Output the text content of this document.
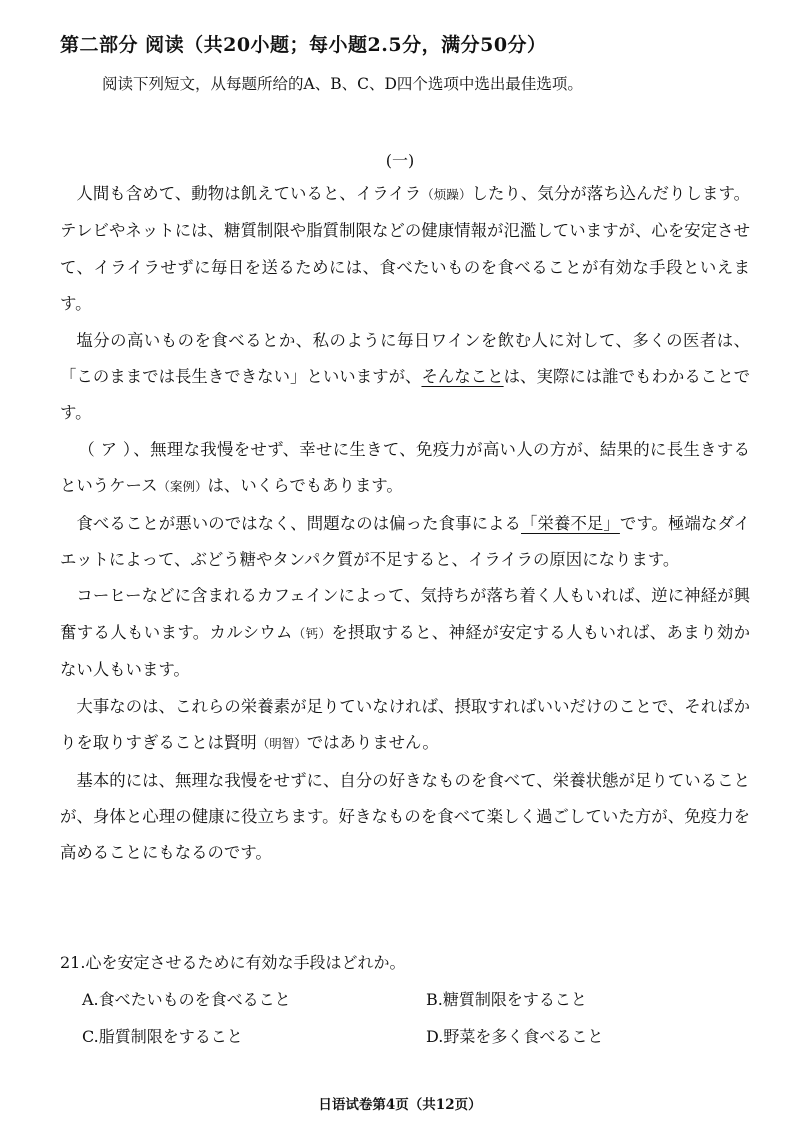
第二部分 阅读（共20小题；每小题2.5分，满分50分）
阅读下列短文，从每题所给的A、B、C、D四个选项中选出最佳选项。
(一)

人間も含めて、動物は飢えていると、イライラ（烦躁）したり、気分が落ち込んだりします。テレビやネットには、糖質制限や脂質制限などの健康情報が氾濫していますが、心を安定させて、イライラせずに毎日を送るためには、食べたいものを食べることが有効な手段といえます。

塩分の高いものを食べるとか、私のように毎日ワインを飲む人に対して、多くの医者は、「このままでは長生きできない」といいますが、そんなことは、実際には誰でもわかることです。

（ ア ） 、無理な我慢をせず、幸せに生きて、免疫力が高い人の方が、結果的に長生きするというケース（案例）は、いくらでもあります。

食べることが悪いのではなく、問題なのは偏った食事による「栄養不足」です。極端なダイエットによって、ぶどう糖やタンパク質が不足すると、イライラの原因になります。

コーヒーなどに含まれるカフェインによって、気持ちが落ち着く人もいれば、逆に神経が興奮する人もいます。カルシウム（钙）を摂取すると、神経が安定する人もいれば、あまり効かない人もいます。

大事なのは、これらの栄養素が足りていなければ、摂取すればいいだけのことで、それぱかりを取りすぎることは賢明（明智）ではありません。

基本的には、無理な我慢をせずに、自分の好きなものを食べて、栄養状態が足りていることが、身体と心理の健康に役立ちます。好きなものを食べて楽しく過ごしていた方が、免疫力を高めることにもなるのです。

21.心を安定させるために有効な手段はどれか。
A.食べたいものを食べること	B.糖質制限をすること
C.脂質制限をすること	D.野菜を多く食べること
日语试卷第4页（共12页）
